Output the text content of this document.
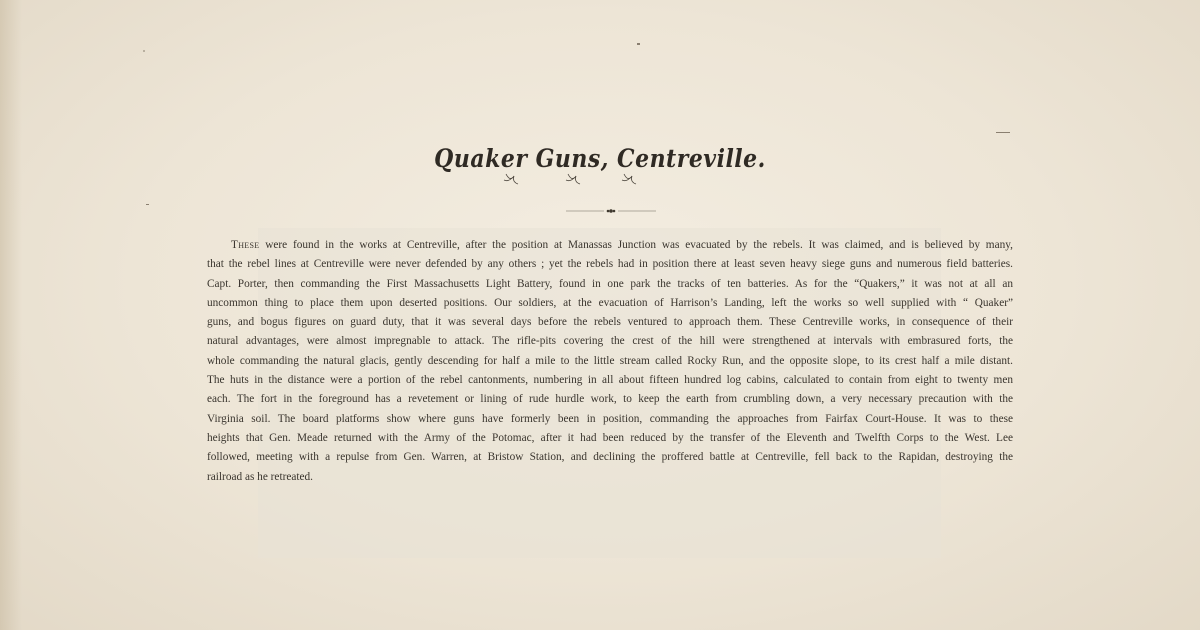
Quaker Guns, Centreville.

These were found in the works at Centreville, after the position at Manassas Junction was evacuated by the rebels. It was claimed, and is believed by many,
that the rebel lines at Centreville were never defended by any others ; yet the rebels had in position there at least seven heavy siege guns and numerous field batteries.
Capt. Porter, then commanding the First Massachusetts Light Battery, found in one park the tracks of ten batteries. As for the “Quakers,” it was not at all an
uncommon thing to place them upon deserted positions. Our soldiers, at the evacuation of Harrison’s Landing, left the works so well supplied with “ Quaker”
guns, and bogus figures on guard duty, that it was several days before the rebels ventured to approach them. These Centreville works, in consequence of their
natural advantages, were almost impregnable to attack. The rifle-pits covering the crest of the hill were strengthened at intervals with embrasured forts, the
whole commanding the natural glacis, gently descending for half a mile to the little stream called Rocky Run, and the opposite slope, to its crest half a mile distant.
The huts in the distance were a portion of the rebel cantonments, numbering in all about fifteen hundred log cabins, calculated to contain from eight to twenty men
each. The fort in the foreground has a revetement or lining of rude hurdle work, to keep the earth from crumbling down, a very necessary precaution with the
Virginia soil. The board platforms show where guns have formerly been in position, commanding the approaches from Fairfax Court-House. It was to these
heights that Gen. Meade returned with the Army of the Potomac, after it had been reduced by the transfer of the Eleventh and Twelfth Corps to the West. Lee
followed, meeting with a repulse from Gen. Warren, at Bristow Station, and declining the proffered battle at Centreville, fell back to the Rapidan, destroying the
railroad as he retreated.
